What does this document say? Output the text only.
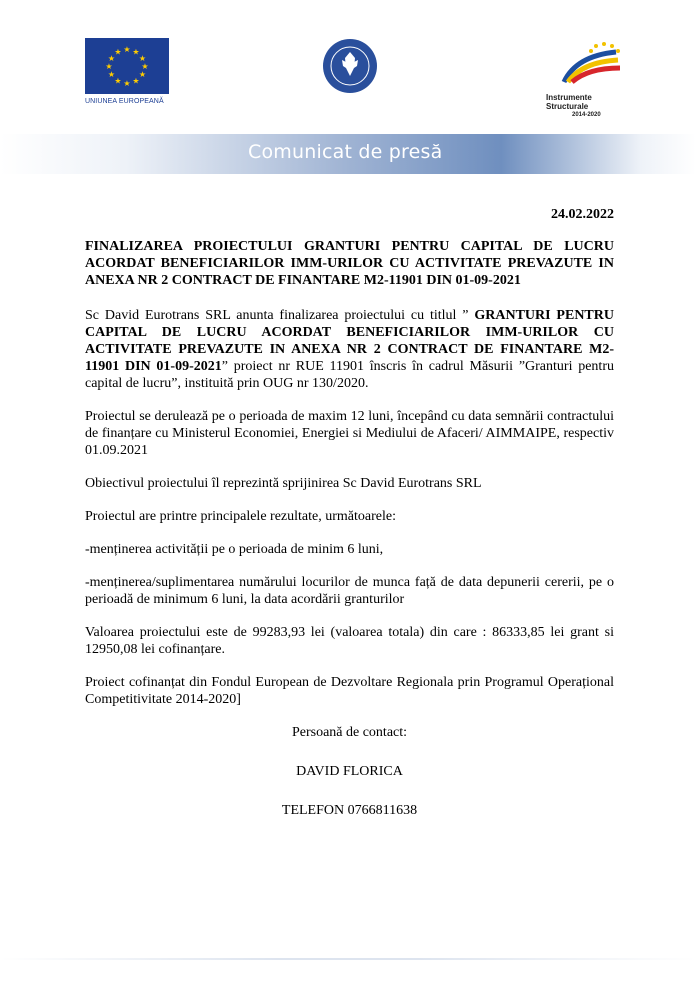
★ ★
★
★
★
★
★
★
★
★
★
★
UNIUNEA EUROPEANĂ	Instrumente Structurale
2014-2020
Comunicat de presă
24.02.2022
FINALIZAREA PROIECTULUI GRANTURI PENTRU CAPITAL DE LUCRU ACORDAT BENEFICIARILOR IMM-URILOR CU ACTIVITATE PREVAZUTE IN ANEXA NR 2 CONTRACT DE FINANTARE M2-11901 DIN 01-09-2021

Sc David Eurotrans SRL anunta finalizarea proiectului cu titlul ” GRANTURI PENTRU CAPITAL DE LUCRU ACORDAT BENEFICIARILOR IMM-URILOR CU ACTIVITATE PREVAZUTE IN ANEXA NR 2 CONTRACT DE FINANTARE M2-11901 DIN 01-09-2021” proiect nr RUE 11901 înscris în cadrul Măsurii ”Granturi pentru capital de lucru”, instituită prin OUG nr 130/2020.

Proiectul se derulează pe o perioada de maxim 12 luni, începând cu data semnării contractului de finanțare cu Ministerul Economiei, Energiei si Mediului de Afaceri/ AIMMAIPE, respectiv 01.09.2021

Obiectivul proiectului îl reprezintă sprijinirea Sc David Eurotrans SRL

Proiectul are printre principalele rezultate, următoarele:

-menținerea activității pe o perioada de minim 6 luni,

-menținerea/suplimentarea numărului locurilor de munca față de data depunerii cererii, pe o perioadă de minimum 6 luni, la data acordării granturilor

Valoarea proiectului este de 99283,93 lei (valoarea totala) din care : 86333,85 lei grant si 12950,08 lei cofinanțare.

Proiect cofinanțat din Fondul European de Dezvoltare Regionala prin Programul Operațional Competitivitate 2014-2020]

Persoană de contact:
DAVID FLORICA
TELEFON 0766811638
